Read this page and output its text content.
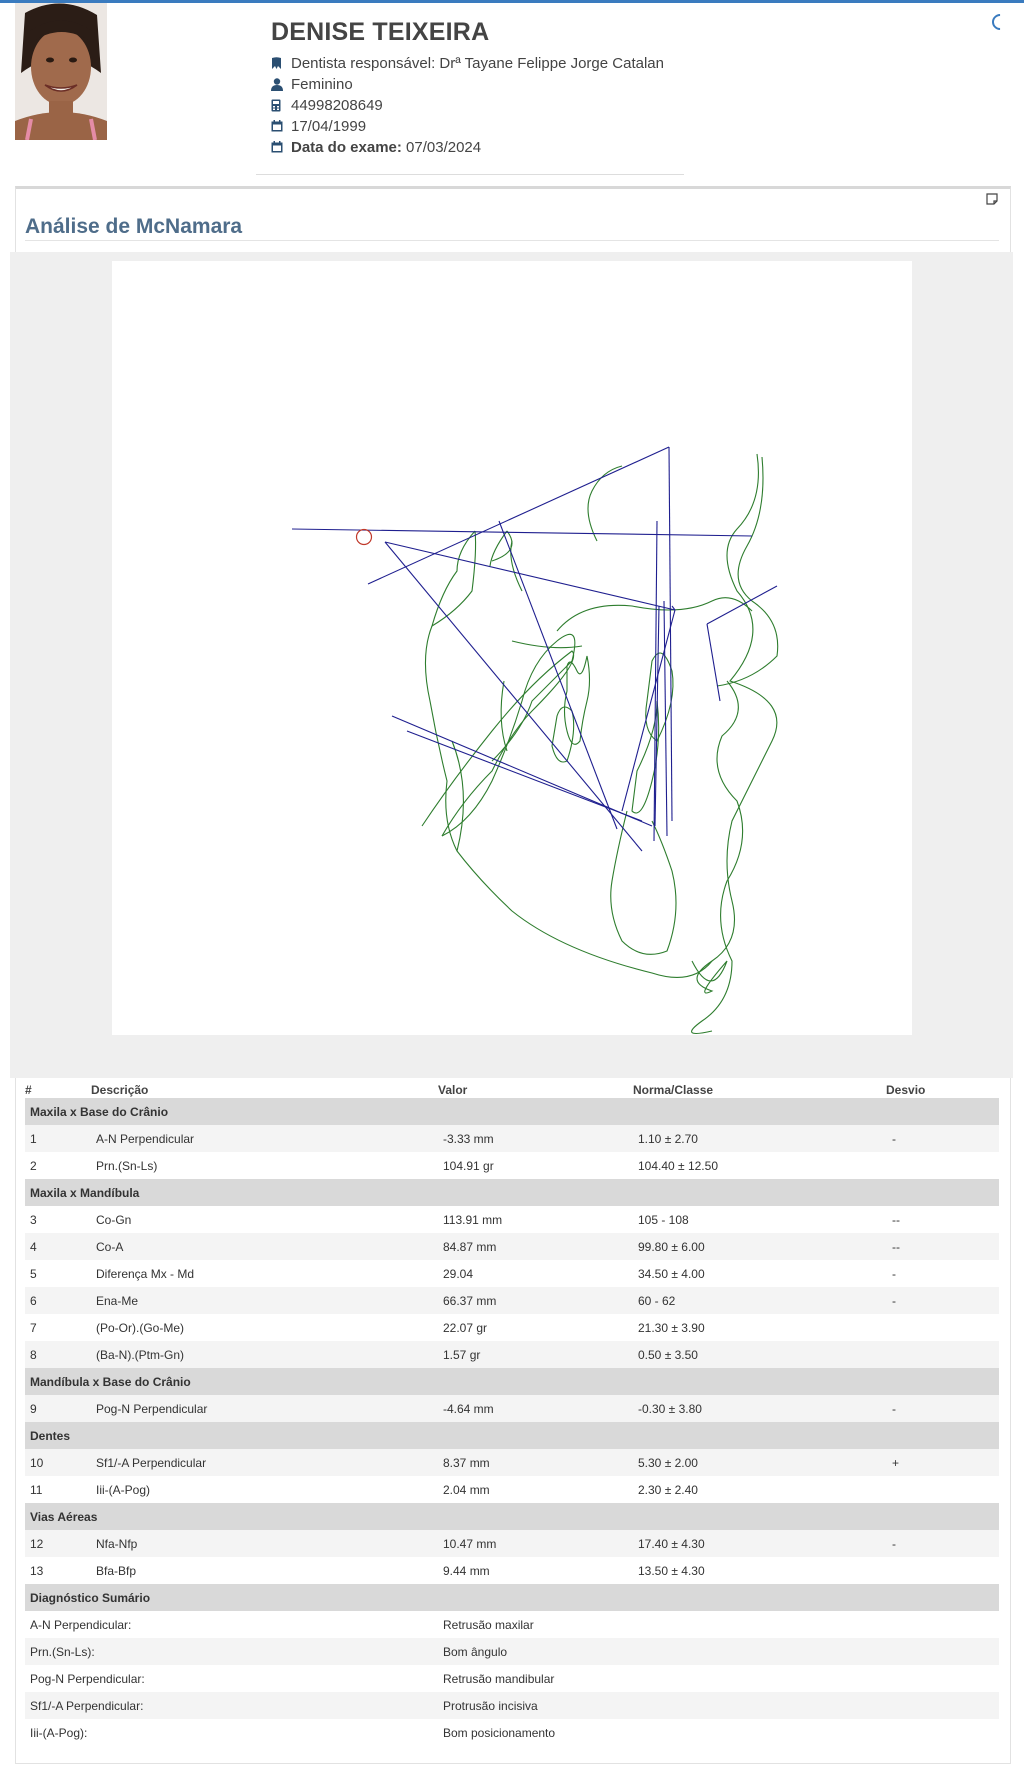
DENISE TEIXEIRA
Dentista responsável: Drª Tayane Felippe Jorge Catalan
Feminino
44998208649
17/04/1999
Data do exame: 07/03/2024
Análise de McNamara
#	Descrição	Valor	Norma/Classe	Desvio
Maxila x Base do Crânio
1	A-N Perpendicular	-3.33 mm	1.10 ± 2.70	-
2	Prn.(Sn-Ls)	104.91 gr	104.40 ± 12.50
Maxila x Mandíbula
3	Co-Gn	113.91 mm	105 - 108	--
4	Co-A	84.87 mm	99.80 ± 6.00	--
5	Diferença Mx - Md	29.04	34.50 ± 4.00	-
6	Ena-Me	66.37 mm	60 - 62	-
7	(Po-Or).(Go-Me)	22.07 gr	21.30 ± 3.90
8	(Ba-N).(Ptm-Gn)	1.57 gr	0.50 ± 3.50
Mandíbula x Base do Crânio
9	Pog-N Perpendicular	-4.64 mm	-0.30 ± 3.80	-
Dentes
10	Sf1/-A Perpendicular	8.37 mm	5.30 ± 2.00	+
11	Iii-(A-Pog)	2.04 mm	2.30 ± 2.40
Vias Aéreas
12	Nfa-Nfp	10.47 mm	17.40 ± 4.30	-
13	Bfa-Bfp	9.44 mm	13.50 ± 4.30
Diagnóstico Sumário
A-N Perpendicular:	Retrusão maxilar
Prn.(Sn-Ls):	Bom ângulo
Pog-N Perpendicular:	Retrusão mandibular
Sf1/-A Perpendicular:	Protrusão incisiva
Iii-(A-Pog):	Bom posicionamento
